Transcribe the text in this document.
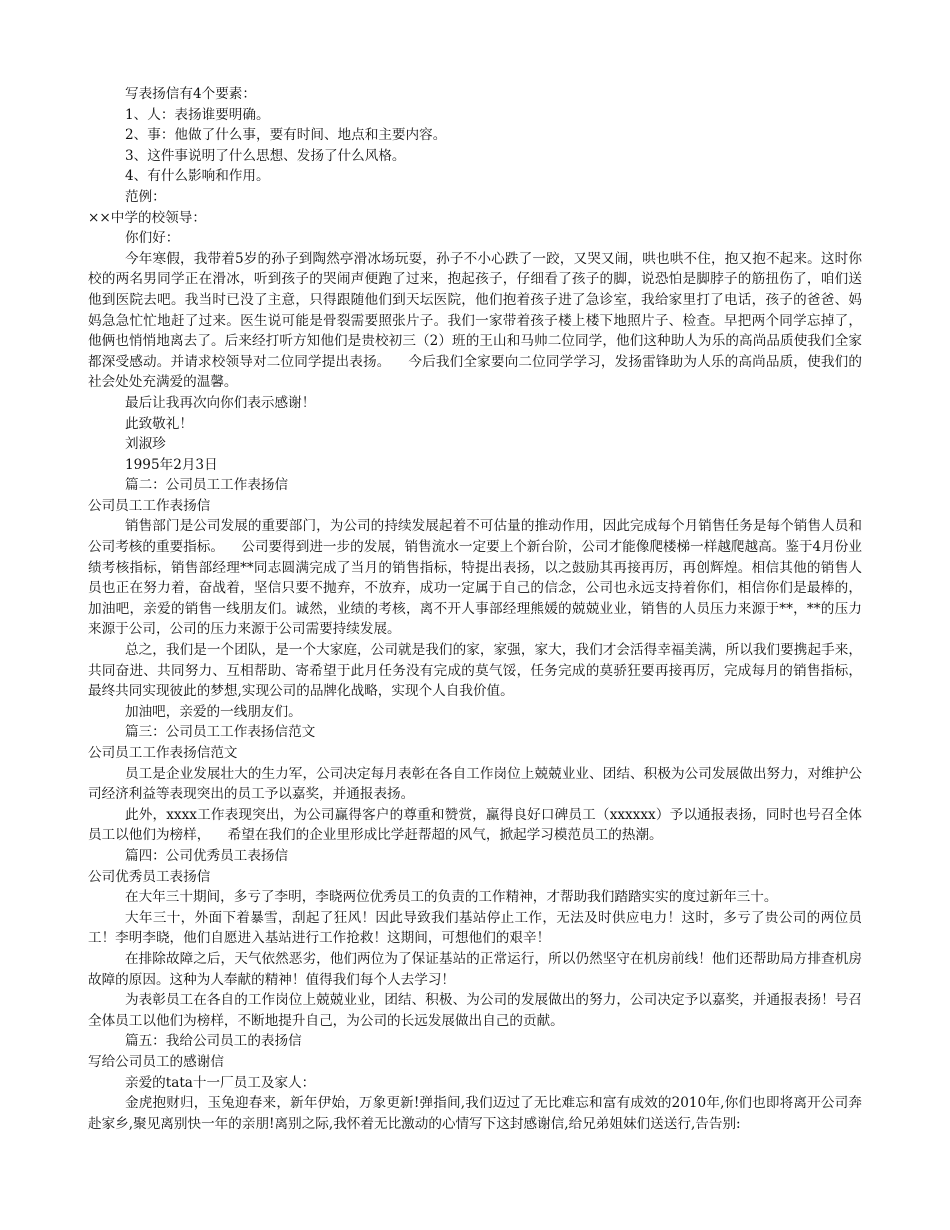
写表扬信有4个要素：

1、人：表扬谁要明确。

2、事：他做了什么事，要有时间、地点和主要内容。

3、这件事说明了什么思想、发扬了什么风格。

4、有什么影响和作用。

范例：

××中学的校领导：

你们好：

今年寒假，我带着5岁的孙子到陶然亭滑冰场玩耍，孙子不小心跌了一跤，又哭又闹，哄也哄不住，抱又抱不起来。这时你校的两名男同学正在滑冰，听到孩子的哭闹声便跑了过来，抱起孩子，仔细看了孩子的脚，说恐怕是脚脖子的筋扭伤了，咱们送他到医院去吧。我当时已没了主意，只得跟随他们到天坛医院，他们抱着孩子进了急诊室，我给家里打了电话，孩子的爸爸、妈妈急急忙忙地赶了过来。医生说可能是骨裂需要照张片子。我们一家带着孩子楼上楼下地照片子、检查。早把两个同学忘掉了，他俩也悄悄地离去了。后来经打听方知他们是贵校初三（2）班的王山和马帅二位同学，他们这种助人为乐的高尚品质使我们全家都深受感动。并请求校领导对二位同学提出表扬。    今后我们全家要向二位同学学习，发扬雷锋助为人乐的高尚品质，使我们的社会处处充满爱的温馨。

最后让我再次向你们表示感谢！

此致敬礼！

刘淑珍

1995年2月3日

篇二：公司员工工作表扬信

公司员工工作表扬信

销售部门是公司发展的重要部门，为公司的持续发展起着不可估量的推动作用，因此完成每个月销售任务是每个销售人员和公司考核的重要指标。    公司要得到进一步的发展，销售流水一定要上个新台阶，公司才能像爬楼梯一样越爬越高。鉴于4月份业绩考核指标，销售部经理**同志圆满完成了当月的销售指标，特提出表扬，以之鼓励其再接再厉，再创辉煌。相信其他的销售人员也正在努力着，奋战着，坚信只要不抛弃，不放弃，成功一定属于自己的信念，公司也永远支持着你们，相信你们是最棒的，加油吧，亲爱的销售一线朋友们。诚然，业绩的考核，离不开人事部经理熊媛的兢兢业业，销售的人员压力来源于**，**的压力来源于公司，公司的压力来源于公司需要持续发展。

总之，我们是一个团队，是一个大家庭，公司就是我们的家，家强，家大，我们才会活得幸福美满，所以我们要携起手来，共同奋进、共同努力、互相帮助、寄希望于此月任务没有完成的莫气馁，任务完成的莫骄狂要再接再厉，完成每月的销售指标，最终共同实现彼此的梦想,实现公司的品牌化战略，实现个人自我价值。

加油吧，亲爱的一线朋友们。

篇三：公司员工工作表扬信范文

公司员工工作表扬信范文

员工是企业发展壮大的生力军，公司决定每月表彰在各自工作岗位上兢兢业业、团结、积极为公司发展做出努力，对维护公司经济利益等表现突出的员工予以嘉奖，并通报表扬。

此外，xxxx工作表现突出，为公司赢得客户的尊重和赞赏，赢得良好口碑员工（xxxxxx）予以通报表扬，同时也号召全体员工以他们为榜样，    希望在我们的企业里形成比学赶帮超的风气，掀起学习模范员工的热潮。

篇四：公司优秀员工表扬信

公司优秀员工表扬信

在大年三十期间，多亏了李明，李晓两位优秀员工的负责的工作精神，才帮助我们踏踏实实的度过新年三十。

大年三十，外面下着暴雪，刮起了狂风！因此导致我们基站停止工作，无法及时供应电力！这时，多亏了贵公司的两位员工！李明李晓，他们自愿进入基站进行工作抢救！这期间，可想他们的艰辛！

在排除故障之后，天气依然恶劣，他们两位为了保证基站的正常运行，所以仍然坚守在机房前线！他们还帮助局方排查机房故障的原因。这种为人奉献的精神！值得我们每个人去学习！

为表彰员工在各自的工作岗位上兢兢业业，团结、积极、为公司的发展做出的努力，公司决定予以嘉奖，并通报表扬！号召全体员工以他们为榜样，不断地提升自己，为公司的长远发展做出自己的贡献。

篇五：我给公司员工的表扬信

写给公司员工的感谢信

亲爱的tata十一厂员工及家人：

金虎抱财归，玉兔迎春来，新年伊始，万象更新!弹指间,我们迈过了无比难忘和富有成效的2010年,你们也即将离开公司奔赴家乡,聚见离别快一年的亲朋!离别之际,我怀着无比激动的心情写下这封感谢信,给兄弟姐妹们送送行,告告别:
